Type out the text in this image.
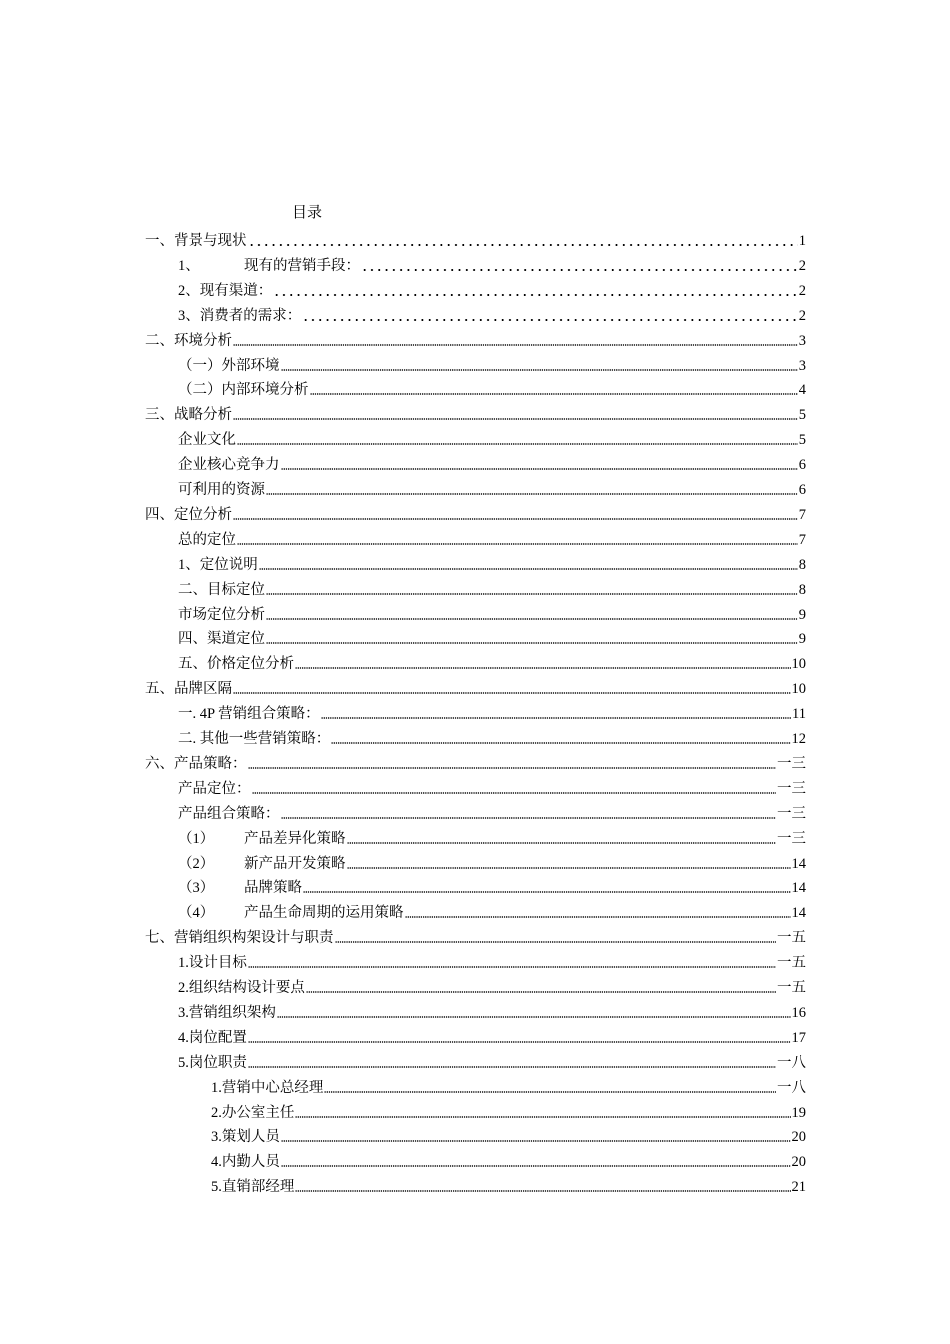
目录
一、背景与现状	1
1、	现有的营销手段：	2
2、现有渠道：	2
3、消费者的需求：	2
二、环境分析	3
（一）外部环境	3
（二）内部环境分析	4
三、战略分析	5
企业文化	5
企业核心竞争力	6
可利用的资源	6
四、定位分析	7
总的定位	7
1、定位说明	8
二、目标定位	8
市场定位分析	9
四、渠道定位	9
五、价格定位分析	10
五、品牌区隔	10
一. 4P 营销组合策略：	11
二. 其他一些营销策略：	12
六、产品策略：	一三
产品定位：	一三
产品组合策略：	一三
（1）	产品差异化策略	一三
（2）	新产品开发策略	14
（3）	品牌策略	14
（4）	产品生命周期的运用策略	14
七、营销组织构架设计与职责	一五
1.设计目标	一五
2.组织结构设计要点	一五
3.营销组织架构	16
4.岗位配置	17
5.岗位职责	一八
1.营销中心总经理	一八
2.办公室主任	19
3.策划人员	20
4.内勤人员	20
5.直销部经理	21
